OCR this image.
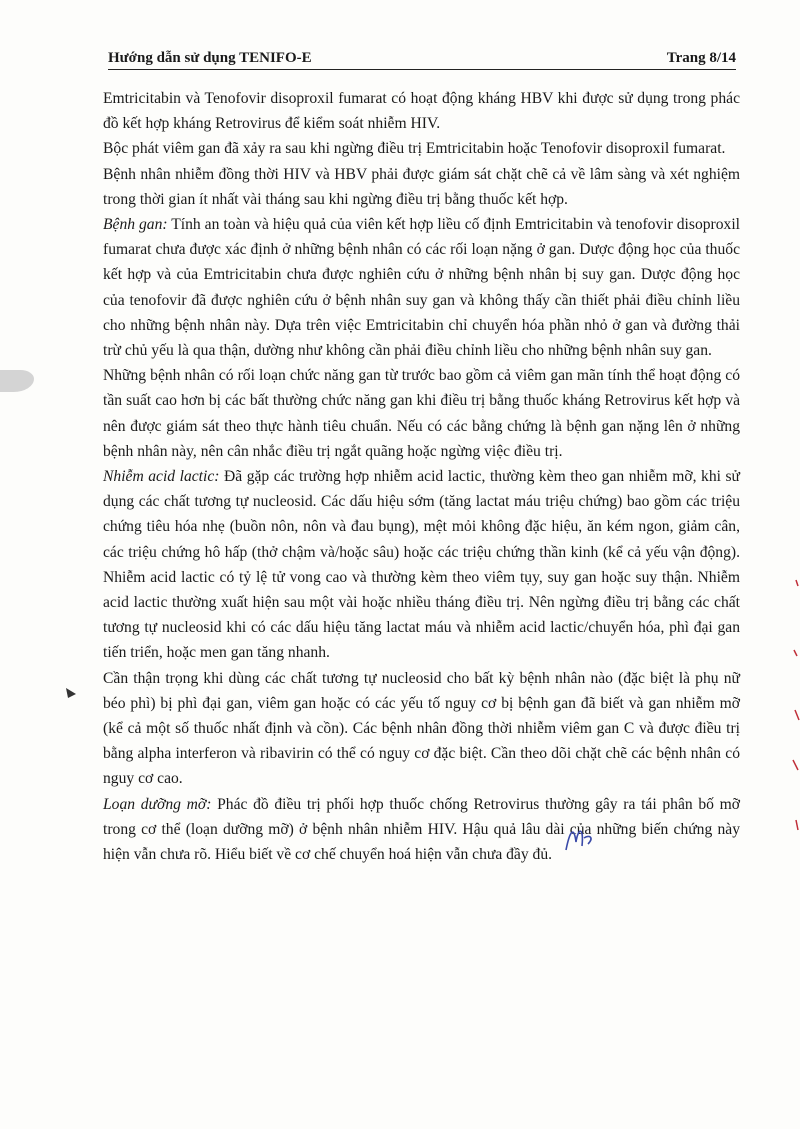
Hướng dẫn sử dụng TENIFO-E	Trang 8/14

Emtricitabin và Tenofovir disoproxil fumarat có hoạt động kháng HBV khi được sử dụng trong phác đồ kết hợp kháng Retrovirus để kiểm soát nhiễm HIV.

Bộc phát viêm gan đã xảy ra sau khi ngừng điều trị Emtricitabin hoặc Tenofovir disoproxil fumarat.

Bệnh nhân nhiễm đồng thời HIV và HBV phải được giám sát chặt chẽ cả về lâm sàng và xét nghiệm trong thời gian ít nhất vài tháng sau khi ngừng điều trị bằng thuốc kết hợp.

Bệnh gan: Tính an toàn và hiệu quả của viên kết hợp liều cố định Emtricitabin và tenofovir disoproxil fumarat chưa được xác định ở những bệnh nhân có các rối loạn nặng ở gan. Dược động học của thuốc kết hợp và của Emtricitabin chưa được nghiên cứu ở những bệnh nhân bị suy gan. Dược động học của tenofovir đã được nghiên cứu ở bệnh nhân suy gan và không thấy cần thiết phải điều chỉnh liều cho những bệnh nhân này. Dựa trên việc Emtricitabin chỉ chuyển hóa phần nhỏ ở gan và đường thải trừ chủ yếu là qua thận, dường như không cần phải điều chỉnh liều cho những bệnh nhân suy gan.

Những bệnh nhân có rối loạn chức năng gan từ trước bao gồm cả viêm gan mãn tính thể hoạt động có tần suất cao hơn bị các bất thường chức năng gan khi điều trị bằng thuốc kháng Retrovirus kết hợp và nên được giám sát theo thực hành tiêu chuẩn. Nếu có các bằng chứng là bệnh gan nặng lên ở những bệnh nhân này, nên cân nhắc điều trị ngắt quãng hoặc ngừng việc điều trị.

Nhiễm acid lactic: Đã gặp các trường hợp nhiễm acid lactic, thường kèm theo gan nhiễm mỡ, khi sử dụng các chất tương tự nucleosid. Các dấu hiệu sớm (tăng lactat máu triệu chứng) bao gồm các triệu chứng tiêu hóa nhẹ (buồn nôn, nôn và đau bụng), mệt mỏi không đặc hiệu, ăn kém ngon, giảm cân, các triệu chứng hô hấp (thở chậm và/hoặc sâu) hoặc các triệu chứng thần kinh (kể cả yếu vận động). Nhiễm acid lactic có tỷ lệ tử vong cao và thường kèm theo viêm tụy, suy gan hoặc suy thận. Nhiễm acid lactic thường xuất hiện sau một vài hoặc nhiều tháng điều trị. Nên ngừng điều trị bằng các chất tương tự nucleosid khi có các dấu hiệu tăng lactat máu và nhiễm acid lactic/chuyển hóa, phì đại gan tiến triển, hoặc men gan tăng nhanh.

Cần thận trọng khi dùng các chất tương tự nucleosid cho bất kỳ bệnh nhân nào (đặc biệt là phụ nữ béo phì) bị phì đại gan, viêm gan hoặc có các yếu tố nguy cơ bị bệnh gan đã biết và gan nhiễm mỡ (kể cả một số thuốc nhất định và cồn). Các bệnh nhân đồng thời nhiễm viêm gan C và được điều trị bằng alpha interferon và ribavirin có thể có nguy cơ đặc biệt. Cần theo dõi chặt chẽ các bệnh nhân có nguy cơ cao.

Loạn dưỡng mỡ: Phác đồ điều trị phối hợp thuốc chống Retrovirus thường gây ra tái phân bố mỡ trong cơ thể (loạn dưỡng mỡ) ở bệnh nhân nhiễm HIV. Hậu quả lâu dài của những biến chứng này hiện vẫn chưa rõ. Hiểu biết về cơ chế chuyển hoá hiện vẫn chưa đầy đủ.
